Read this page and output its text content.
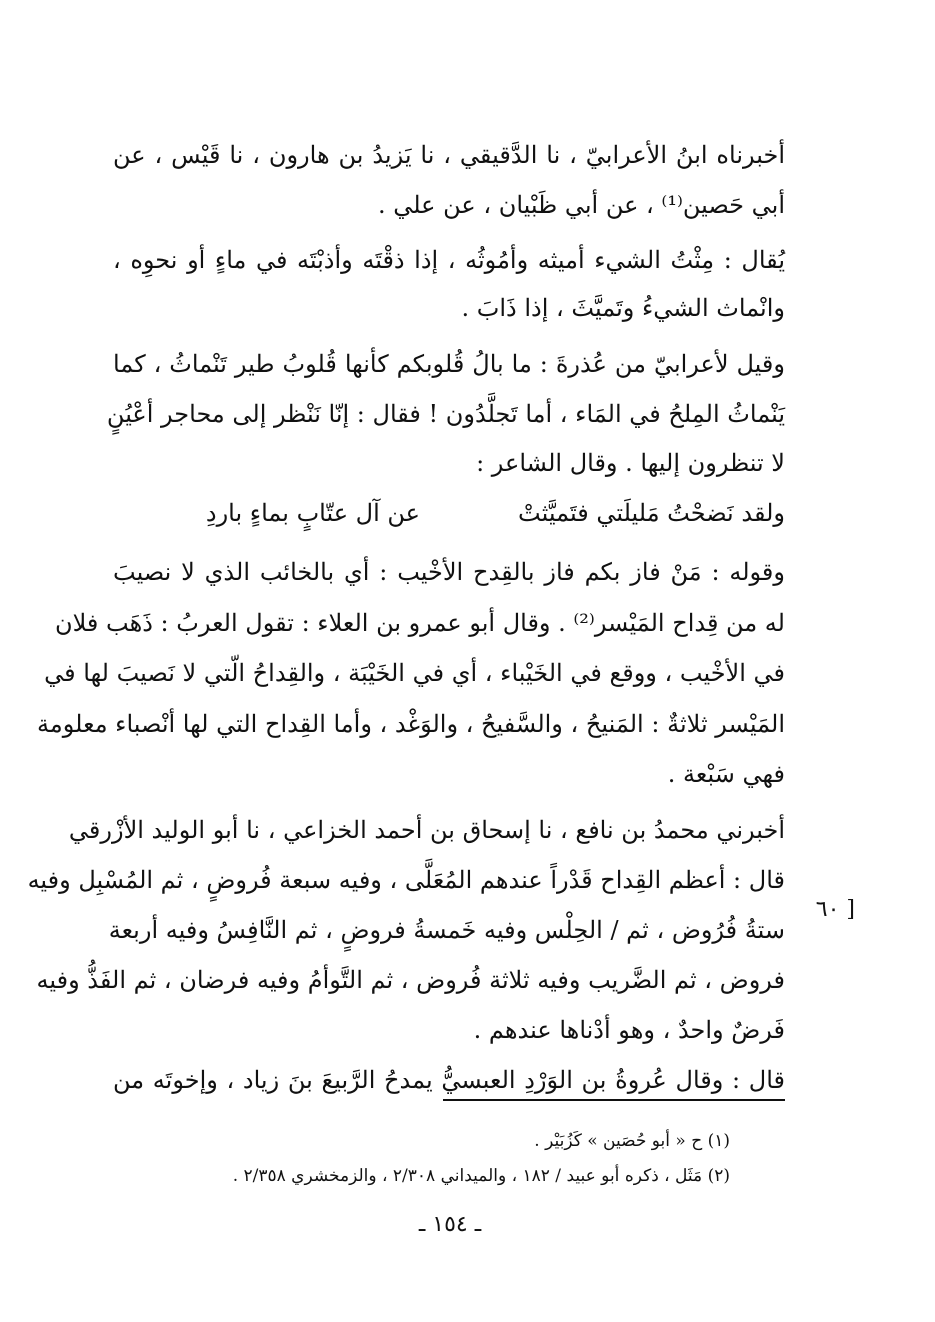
أخبرناه ابنُ الأعرابيّ ، نا الدَّقيقي ، نا يَزيدُ بن هارون ، نا قَيْس ، عن
أبي حَصين⁽¹⁾ ، عن أبي ظَبْيان ، عن علي .
يُقال : مِثْتُ الشيء أميثه وأمُوثُه ، إذا ذقْتَه وأذبْتَه في ماءٍ أو نحوِه ،
وانْماث الشيءُ وتَميَّثَ ، إذا ذَابَ .
وقيل لأعرابيّ من عُذرةَ : ما بالُ قُلوبكم كأنها قُلوبُ طير تَنْماثُ ، كما
يَنْماثُ المِلحُ في المَاء ، أما تَجلَّدُون ! فقال : إنّا نَنْظر إلى محاجر أعْيُنٍ
لا تنظرون إليها . وقال الشاعر :
ولقد نَضحْتُ مَليلَتي فتَميَّثتْ
عن آل عتّابٍ بماءٍ باردِ
وقوله : مَنْ فاز بكم فاز بالقِدح الأخْيب : أي بالخائب الذي لا نصيبَ
له من قِداح المَيْسر⁽²⁾ . وقال أبو عمرو بن العلاء : تقول العربُ : ذَهَب فلان
في الأخْيب ، ووقع في الخَيْباء ، أي في الخَيْبَة ، والقِداحُ الّتي لا نَصيبَ لها في
المَيْسر ثلاثةٌ : المَنيحُ ، والسَّفيحُ ، والوَغْد ، وأما القِداح التي لها أنْصباء معلومة
فهي سَبْعة .
أخبرني محمدُ بن نافع ، نا إسحاق بن أحمد الخزاعي ، نا أبو الوليد الأزْرقي
قال : أعظم القِداح قَدْراً عندهم المُعَلَّى ، وفيه سبعة فُروضٍ ، ثم المُسْبِل وفيه
ستةُ فُرُوض ، ثم / الحِلْس وفيه خَمسةُ فروضٍ ، ثم النَّافِسُ وفيه أربعة
فروض ، ثم الضَّريب وفيه ثلاثة فُروض ، ثم التَّوأمُ وفيه فرضان ، ثم الفَذُّ وفيه
فَرضٌ واحدٌ ، وهو أدْناها عندهم .
قال : وقال عُروةُ بن الوَرْدِ العبسيُّ يمدحُ الرَّبيعَ بنَ زياد ، وإخوتَه من
[ ٦٠
(١) ح « أبو حُصَين » كَزُبَيْر .
(٢) مَثَل ، ذكره أبو عبيد / ١٨٢ ، والميداني ٢/٣٠٨ ، والزمخشري ٢/٣٥٨ .
ـ ١٥٤ ـ
